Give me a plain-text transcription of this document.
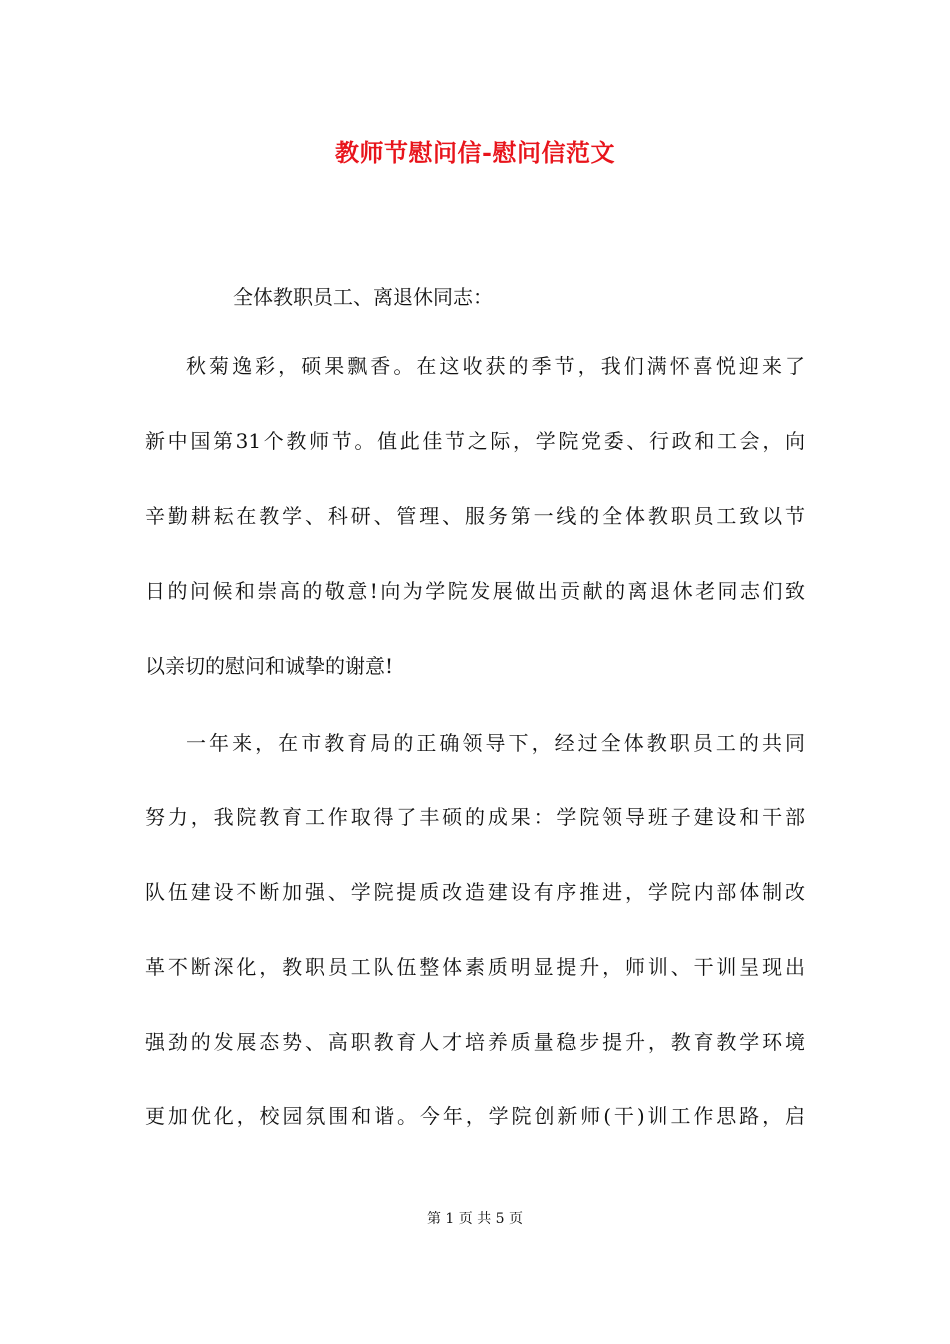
教师节慰问信-慰问信范文

全体教职员工、离退休同志：

秋菊逸彩，硕果飘香。在这收获的季节，我们满怀喜悦迎来了

新中国第31个教师节。值此佳节之际，学院党委、行政和工会，向

辛勤耕耘在教学、科研、管理、服务第一线的全体教职员工致以节

日的问候和崇高的敬意!向为学院发展做出贡献的离退休老同志们致

以亲切的慰问和诚挚的谢意!

一年来，在市教育局的正确领导下，经过全体教职员工的共同

努力，我院教育工作取得了丰硕的成果：学院领导班子建设和干部

队伍建设不断加强、学院提质改造建设有序推进，学院内部体制改

革不断深化，教职员工队伍整体素质明显提升，师训、干训呈现出

强劲的发展态势、高职教育人才培养质量稳步提升，教育教学环境

更加优化，校园氛围和谐。今年，学院创新师(干)训工作思路，启

第 1 页 共 5 页
